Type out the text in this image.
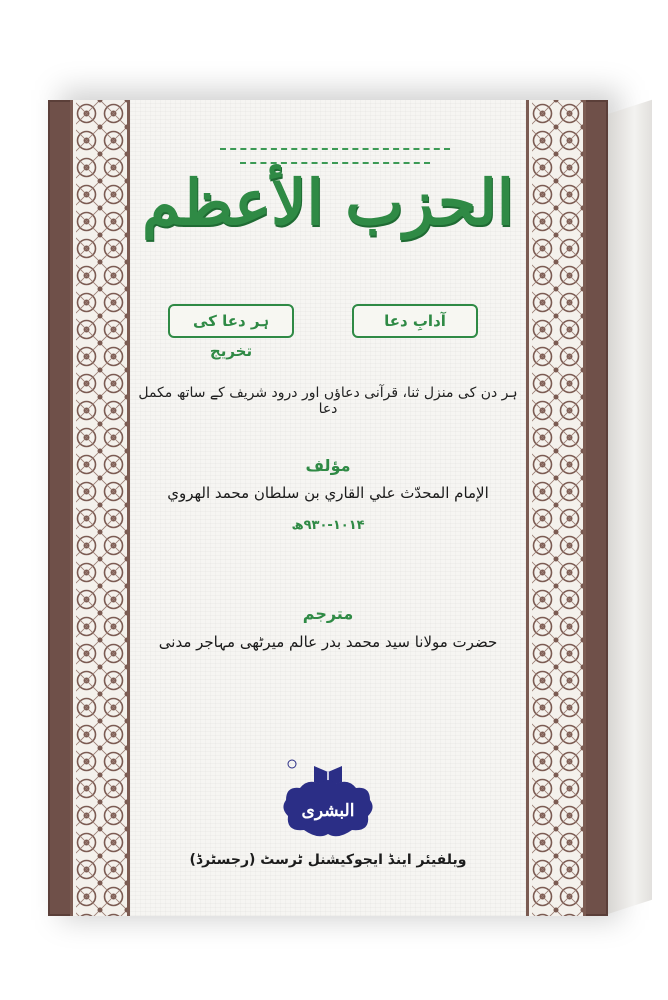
الحزب الأعظم
آدابِ دعا
ہر دعا کی تخریج
ہر دن کی منزل ثنا، قرآنی دعاؤں اور درود شریف کے ساتھ مکمل دعا
مؤلف
الإمام المحدّث علي القاري بن سلطان محمد الهروي
۹۳۰-۱۰۱۴ھ
مترجم
حضرت مولانا سید محمد بدر عالم میرٹھی مہاجر مدنی
البشرى
ویلفیئر اینڈ ایجوکیشنل ٹرسٹ (رجسٹرڈ)
